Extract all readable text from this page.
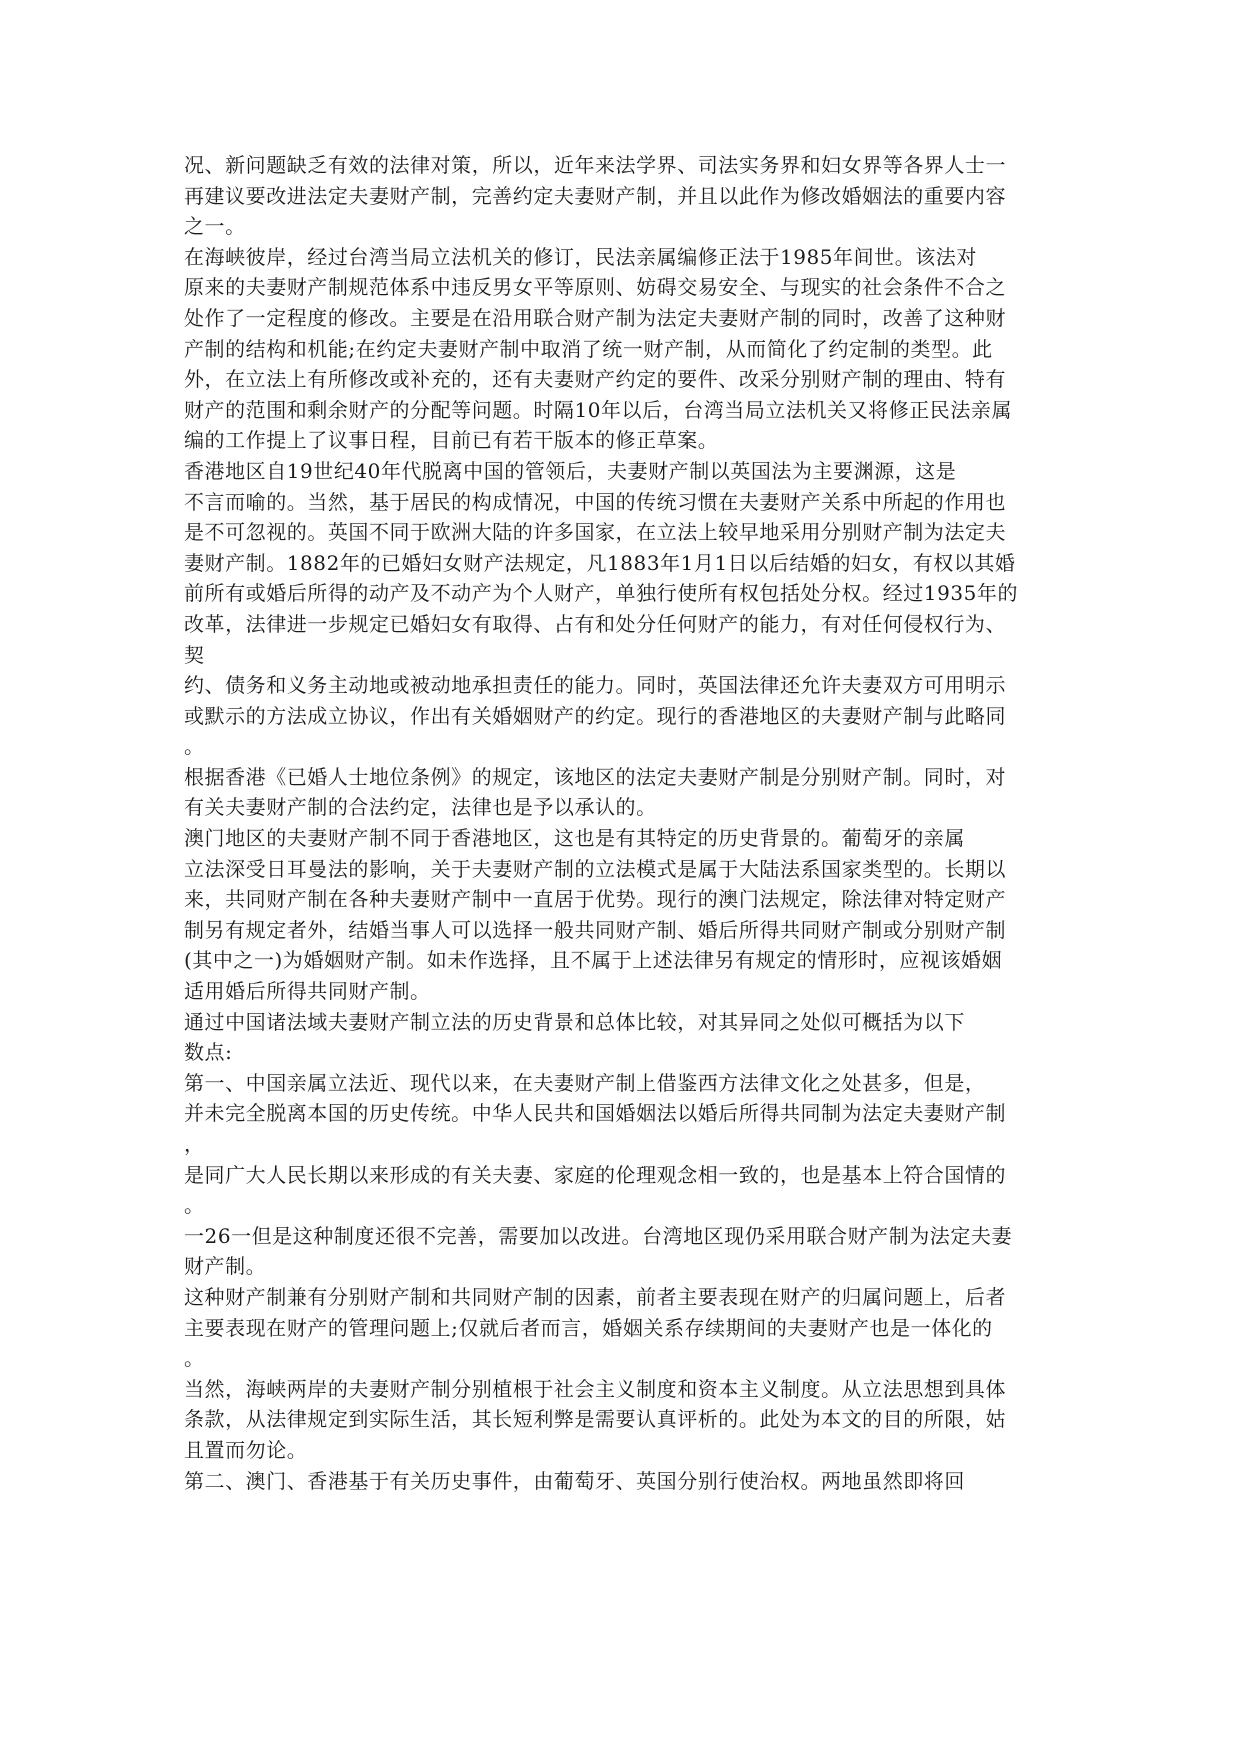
况、新问题缺乏有效的法律对策，所以，近年来法学界、司法实务界和妇女界等各界人士一
再建议要改进法定夫妻财产制，完善约定夫妻财产制，并且以此作为修改婚姻法的重要内容
之一。
在海峡彼岸，经过台湾当局立法机关的修订，民法亲属编修正法于1985年间世。该法对
原来的夫妻财产制规范体系中违反男女平等原则、妨碍交易安全、与现实的社会条件不合之
处作了一定程度的修改。主要是在沿用联合财产制为法定夫妻财产制的同时，改善了这种财
产制的结构和机能;在约定夫妻财产制中取消了统一财产制，从而简化了约定制的类型。此
外，在立法上有所修改或补充的，还有夫妻财产约定的要件、改采分别财产制的理由、特有
财产的范围和剩余财产的分配等问题。时隔10年以后，台湾当局立法机关又将修正民法亲属
编的工作提上了议事日程，目前已有若干版本的修正草案。
香港地区自19世纪40年代脱离中国的管领后，夫妻财产制以英国法为主要渊源，这是
不言而喻的。当然，基于居民的构成情况，中国的传统习惯在夫妻财产关系中所起的作用也
是不可忽视的。英国不同于欧洲大陆的许多国家，在立法上较早地采用分别财产制为法定夫
妻财产制。1882年的已婚妇女财产法规定，凡1883年1月1日以后结婚的妇女，有权以其婚
前所有或婚后所得的动产及不动产为个人财产，单独行使所有权包括处分权。经过1935年的
改革，法律进一步规定已婚妇女有取得、占有和处分任何财产的能力，有对任何侵权行为、
契
约、债务和义务主动地或被动地承担责任的能力。同时，英国法律还允许夫妻双方可用明示
或默示的方法成立协议，作出有关婚姻财产的约定。现行的香港地区的夫妻财产制与此略同
。
根据香港《已婚人士地位条例》的规定，该地区的法定夫妻财产制是分别财产制。同时，对
有关夫妻财产制的合法约定，法律也是予以承认的。
澳门地区的夫妻财产制不同于香港地区，这也是有其特定的历史背景的。葡萄牙的亲属
立法深受日耳曼法的影响，关于夫妻财产制的立法模式是属于大陆法系国家类型的。长期以
来，共同财产制在各种夫妻财产制中一直居于优势。现行的澳门法规定，除法律对特定财产
制另有规定者外，结婚当事人可以选择一般共同财产制、婚后所得共同财产制或分别财产制
(其中之一)为婚姻财产制。如未作选择，且不属于上述法律另有规定的情形时，应视该婚姻
适用婚后所得共同财产制。
通过中国诸法域夫妻财产制立法的历史背景和总体比较，对其异同之处似可概括为以下
数点:
第一、中国亲属立法近、现代以来，在夫妻财产制上借鉴西方法律文化之处甚多，但是，
并未完全脱离本国的历史传统。中华人民共和国婚姻法以婚后所得共同制为法定夫妻财产制
，
是同广大人民长期以来形成的有关夫妻、家庭的伦理观念相一致的，也是基本上符合国情的
。
一26一但是这种制度还很不完善，需要加以改进。台湾地区现仍采用联合财产制为法定夫妻
财产制。
这种财产制兼有分别财产制和共同财产制的因素，前者主要表现在财产的归属问题上，后者
主要表现在财产的管理问题上;仅就后者而言，婚姻关系存续期间的夫妻财产也是一体化的
。
当然，海峡两岸的夫妻财产制分别植根于社会主义制度和资本主义制度。从立法思想到具体
条款，从法律规定到实际生活，其长短利弊是需要认真评析的。此处为本文的目的所限，姑
且置而勿论。
第二、澳门、香港基于有关历史事件，由葡萄牙、英国分别行使治权。两地虽然即将回
